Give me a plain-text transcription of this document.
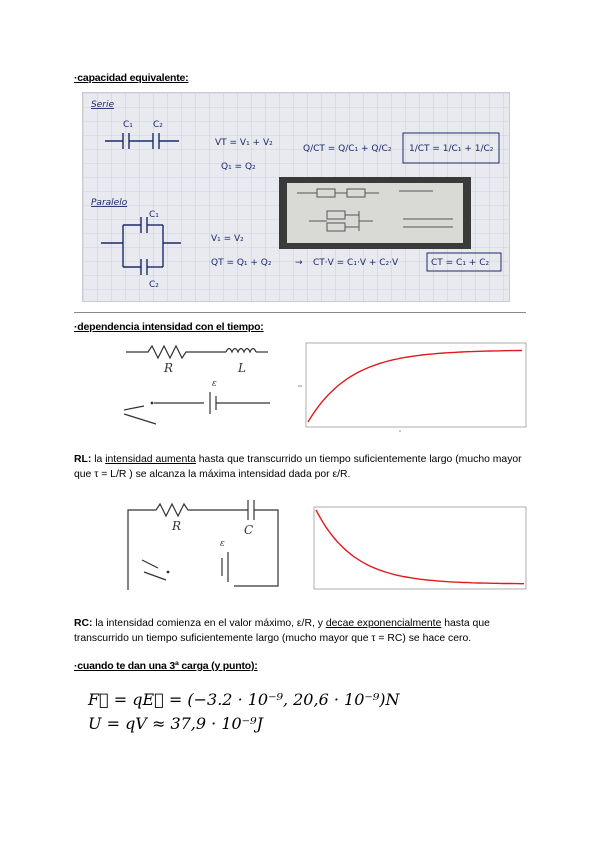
·capacidad equivalente:
Serie
C₁ C₂
VT = V₁ + V₂
Q₁ = Q₂
Q/CT = Q/C₁ + Q/C₂ 1/CT = 1/C₁ + 1/C₂
Paralelo
C₁
C₂
V₁ = V₂
QT = Q₁ + Q₂	→ CT·V = C₁·V + C₂·V	CT = C₁ + C₂
·dependencia intensidad con el tiempo:
R	L
ε
RL: la intensidad aumenta hasta que transcurrido un tiempo suficientemente largo (mucho mayor que τ = L/R ) se alcanza la máxima intensidad dada por ε/R.
R	C
ε
RC: la intensidad comienza en el valor máximo, ε/R, y decae exponencialmente hasta que transcurrido un tiempo suficientemente largo (mucho mayor que τ = RC) se hace cero.
·cuando te dan una 3ª carga (y punto):
F⃗ = qE⃗ = (−3.2 · 10⁻⁹, 20,6 · 10⁻⁹)N
U = qV ≈ 37,9 · 10⁻⁹J
